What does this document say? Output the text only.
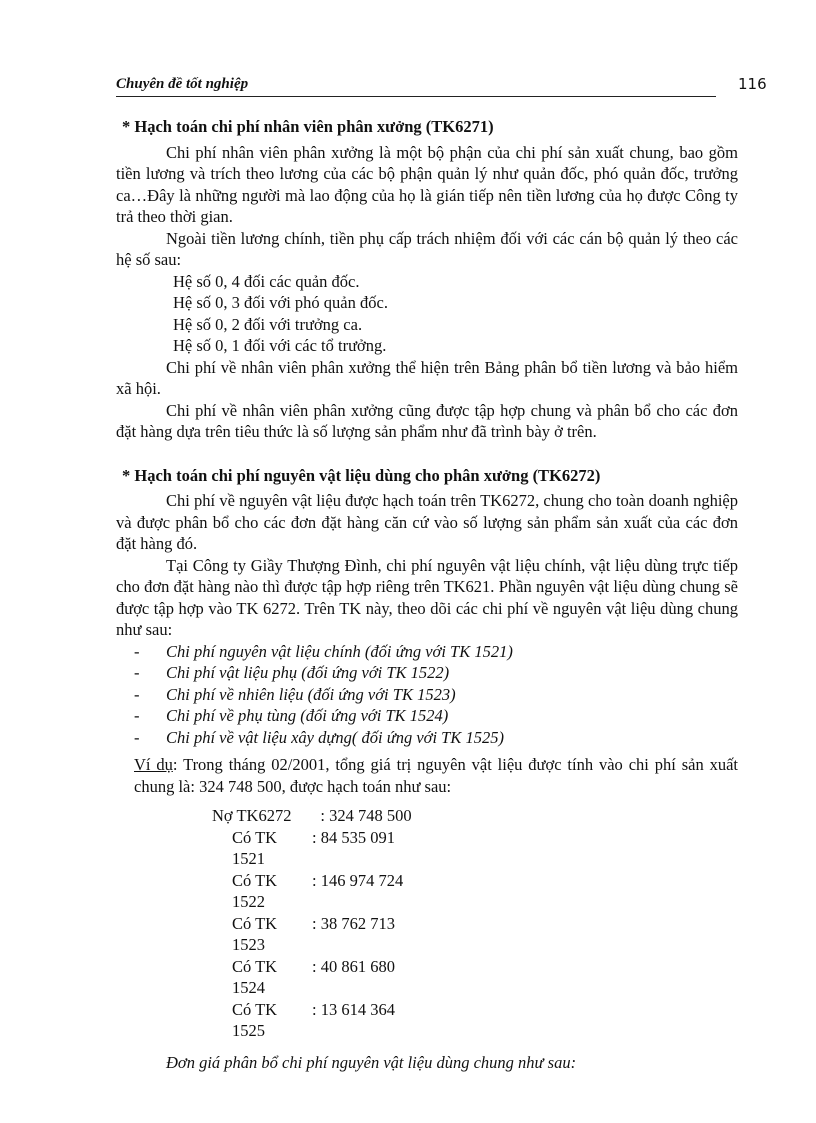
Chuyên đề tốt nghiệp	116

* Hạch toán chi phí nhân viên phân xưởng (TK6271)

Chi phí nhân viên phân xưởng là một bộ phận của chi phí sản xuất chung, bao gồm tiền lương và trích theo lương của các bộ phận quản lý như quản đốc, phó quản đốc, trưởng ca…Đây là những người mà lao động của họ là gián tiếp nên tiền lương của họ được Công ty trả theo thời gian.

Ngoài tiền lương chính, tiền phụ cấp trách nhiệm đối với các cán bộ quản lý theo các hệ số sau:

Hệ số 0, 4 đối các quản đốc.

Hệ số 0, 3 đối với phó quản đốc.

Hệ số 0, 2 đối với trưởng ca.

Hệ số 0, 1 đối với các tổ trưởng.

Chi phí về nhân viên phân xưởng thể hiện trên Bảng phân bổ tiền lương và bảo hiểm xã hội.

Chi phí về nhân viên phân xưởng cũng được tập hợp chung và phân bổ cho các đơn đặt hàng dựa trên tiêu thức là số lượng sản phẩm như đã trình bày ở trên.

* Hạch toán chi phí nguyên vật liệu dùng cho phân xưởng (TK6272)

Chi phí về nguyên vật liệu được hạch toán trên TK6272, chung cho toàn doanh nghiệp và được phân bổ cho các đơn đặt hàng căn cứ vào số lượng sản phẩm sản xuất của các đơn đặt hàng đó.

Tại Công ty Giầy Thượng Đình, chi phí nguyên vật liệu chính, vật liệu dùng trực tiếp cho đơn đặt hàng nào thì được tập hợp riêng trên TK621. Phần nguyên vật liệu dùng chung sẽ được tập hợp vào TK 6272. Trên TK này, theo dõi các chi phí về nguyên vật liệu dùng chung như sau:

- Chi phí nguyên vật liệu chính (đối ứng với TK 1521)
- Chi phí vật liệu phụ (đối ứng với TK 1522)
- Chi phí về nhiên liệu (đối ứng với TK 1523)
- Chi phí về phụ tùng (đối ứng với TK 1524)
- Chi phí về vật liệu xây dựng( đối ứng với TK 1525)

Ví dụ: Trong tháng 02/2001, tổng giá trị nguyên vật liệu được tính vào chi phí sản xuất chung là: 324 748 500, được hạch toán như sau:

Nợ TK6272	: 324 748 500
Có TK 1521
: 84 535 091
Có TK 1522
: 146 974 724
Có TK 1523
: 38 762 713
Có TK 1524
: 40 861 680
Có TK 1525
: 13 614 364

Đơn giá phân bổ chi phí nguyên vật liệu dùng chung như sau:
